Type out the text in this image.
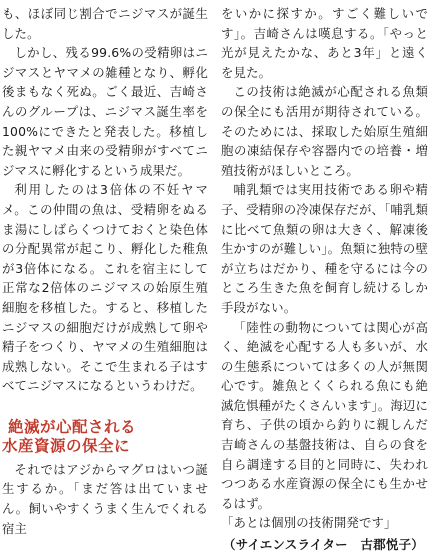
も、ほぼ同じ割合でニジマスが誕生した。

しかし、残る99.6%の受精卵はニジマスとヤマメの雑種となり、孵化後まもなく死ぬ。ごく最近、吉崎さんのグループは、ニジマス誕生率を100%にできたと発表した。移植した親ヤマメ由来の受精卵がすべてニジマスに孵化するという成果だ。

利用したのは3倍体の不妊ヤマメ。この仲間の魚は、受精卵をぬるま湯にしばらくつけておくと染色体の分配異常が起こり、孵化した稚魚が3倍体になる。これを宿主にして正常な2倍体のニジマスの始原生殖細胞を移植した。すると、移植したニジマスの細胞だけが成熟して卵や精子をつくり、ヤマメの生殖細胞は成熟しない。そこで生まれる子はすべてニジマスになるというわけだ。

絶滅が心配される
水産資源の保全に

それではアジからマグロはいつ誕生するか。「まだ答は出ていません。飼いやすくうまく生んでくれる宿主

をいかに探すか。すごく難しいです」。吉崎さんは嘆息する。「やっと光が見えたかな、あと3年」と遠くを見た。

この技術は絶滅が心配される魚類の保全にも活用が期待されている。そのためには、採取した始原生殖細胞の凍結保存や容器内での培養・増殖技術がほしいところ。

哺乳類では実用技術である卵や精子、受精卵の冷凍保存だが、「哺乳類に比べて魚類の卵は大きく、解凍後生かすのが難しい」。魚類に独特の壁が立ちはだかり、種を守るには今のところ生きた魚を飼育し続けるしか手段がない。

「陸性の動物については関心が高く、絶滅を心配する人も多いが、水の生態系については多くの人が無関心です。雑魚とくくられる魚にも絶滅危惧種がたくさんいます」。海辺に育ち、子供の頃から釣りに親しんだ吉崎さんの基盤技術は、自らの食を自ら調達する目的と同時に、失われつつある水産資源の保全にも生かせるはず。

「あとは個別の技術開発です」

（サイエンスライター　古郡悦子）
